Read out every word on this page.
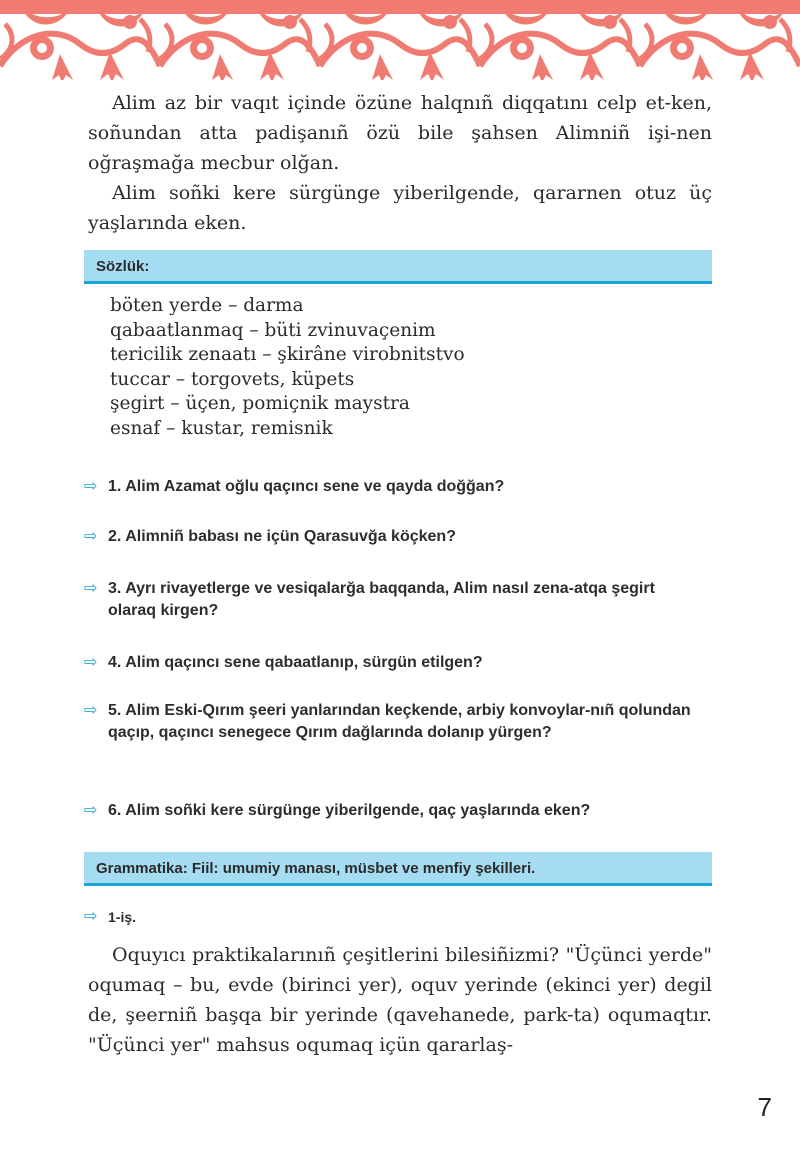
Alim az bir vaqıt içinde özüne halqnıñ diqqatını celp et-ken, soñundan atta padişanıñ özü bile şahsen Alimniñ işi-nen oğraşmağa mecbur olğan.

Alim soñki kere sürgünge yiberilgende, qararnen otuz üç yaşlarında eken.

Sözlük:
böten yerde – darma
qabaatlanmaq – büti zvinuvaçenim
tericilik zenaatı – şkirâne virobnitstvo
tuccar – torgovets, küpets
şegirt – üçen, pomiçnik maystra
esnaf – kustar, remisnik
⇨ 1. Alim Azamat oğlu qaçıncı sene ve qayda doğğan?
⇨ 2. Alimniñ babası ne içün Qarasuvğa köçken?
⇨ 3. Ayrı rivayetlerge ve vesiqalarğa baqqanda, Alim nasıl zena-atqa şegirt olaraq kirgen?
⇨ 4. Alim qaçıncı sene qabaatlanıp, sürgün etilgen?
⇨ 5. Alim Eski-Qırım şeeri yanlarından keçkende, arbiy konvoylar-nıñ qolundan qaçıp, qaçıncı senegece Qırım dağlarında dolanıp yürgen?
⇨ 6. Alim soñki kere sürgünge yiberilgende, qaç yaşlarında eken?
Grammatika: Fiil: umumiy manası, müsbet ve menfiy şekilleri.
⇨ 1-iş.

Oquyıcı praktikalarınıñ çeşitlerini bilesiñizmi? "Üçünci yerde" oqumaq – bu, evde (birinci yer), oquv yerinde (ekinci yer) degil de, şeerniñ başqa bir yerinde (qavehanede, park-ta) oqumaqtır. "Üçünci yer" mahsus oqumaq içün qararlaş-

7
